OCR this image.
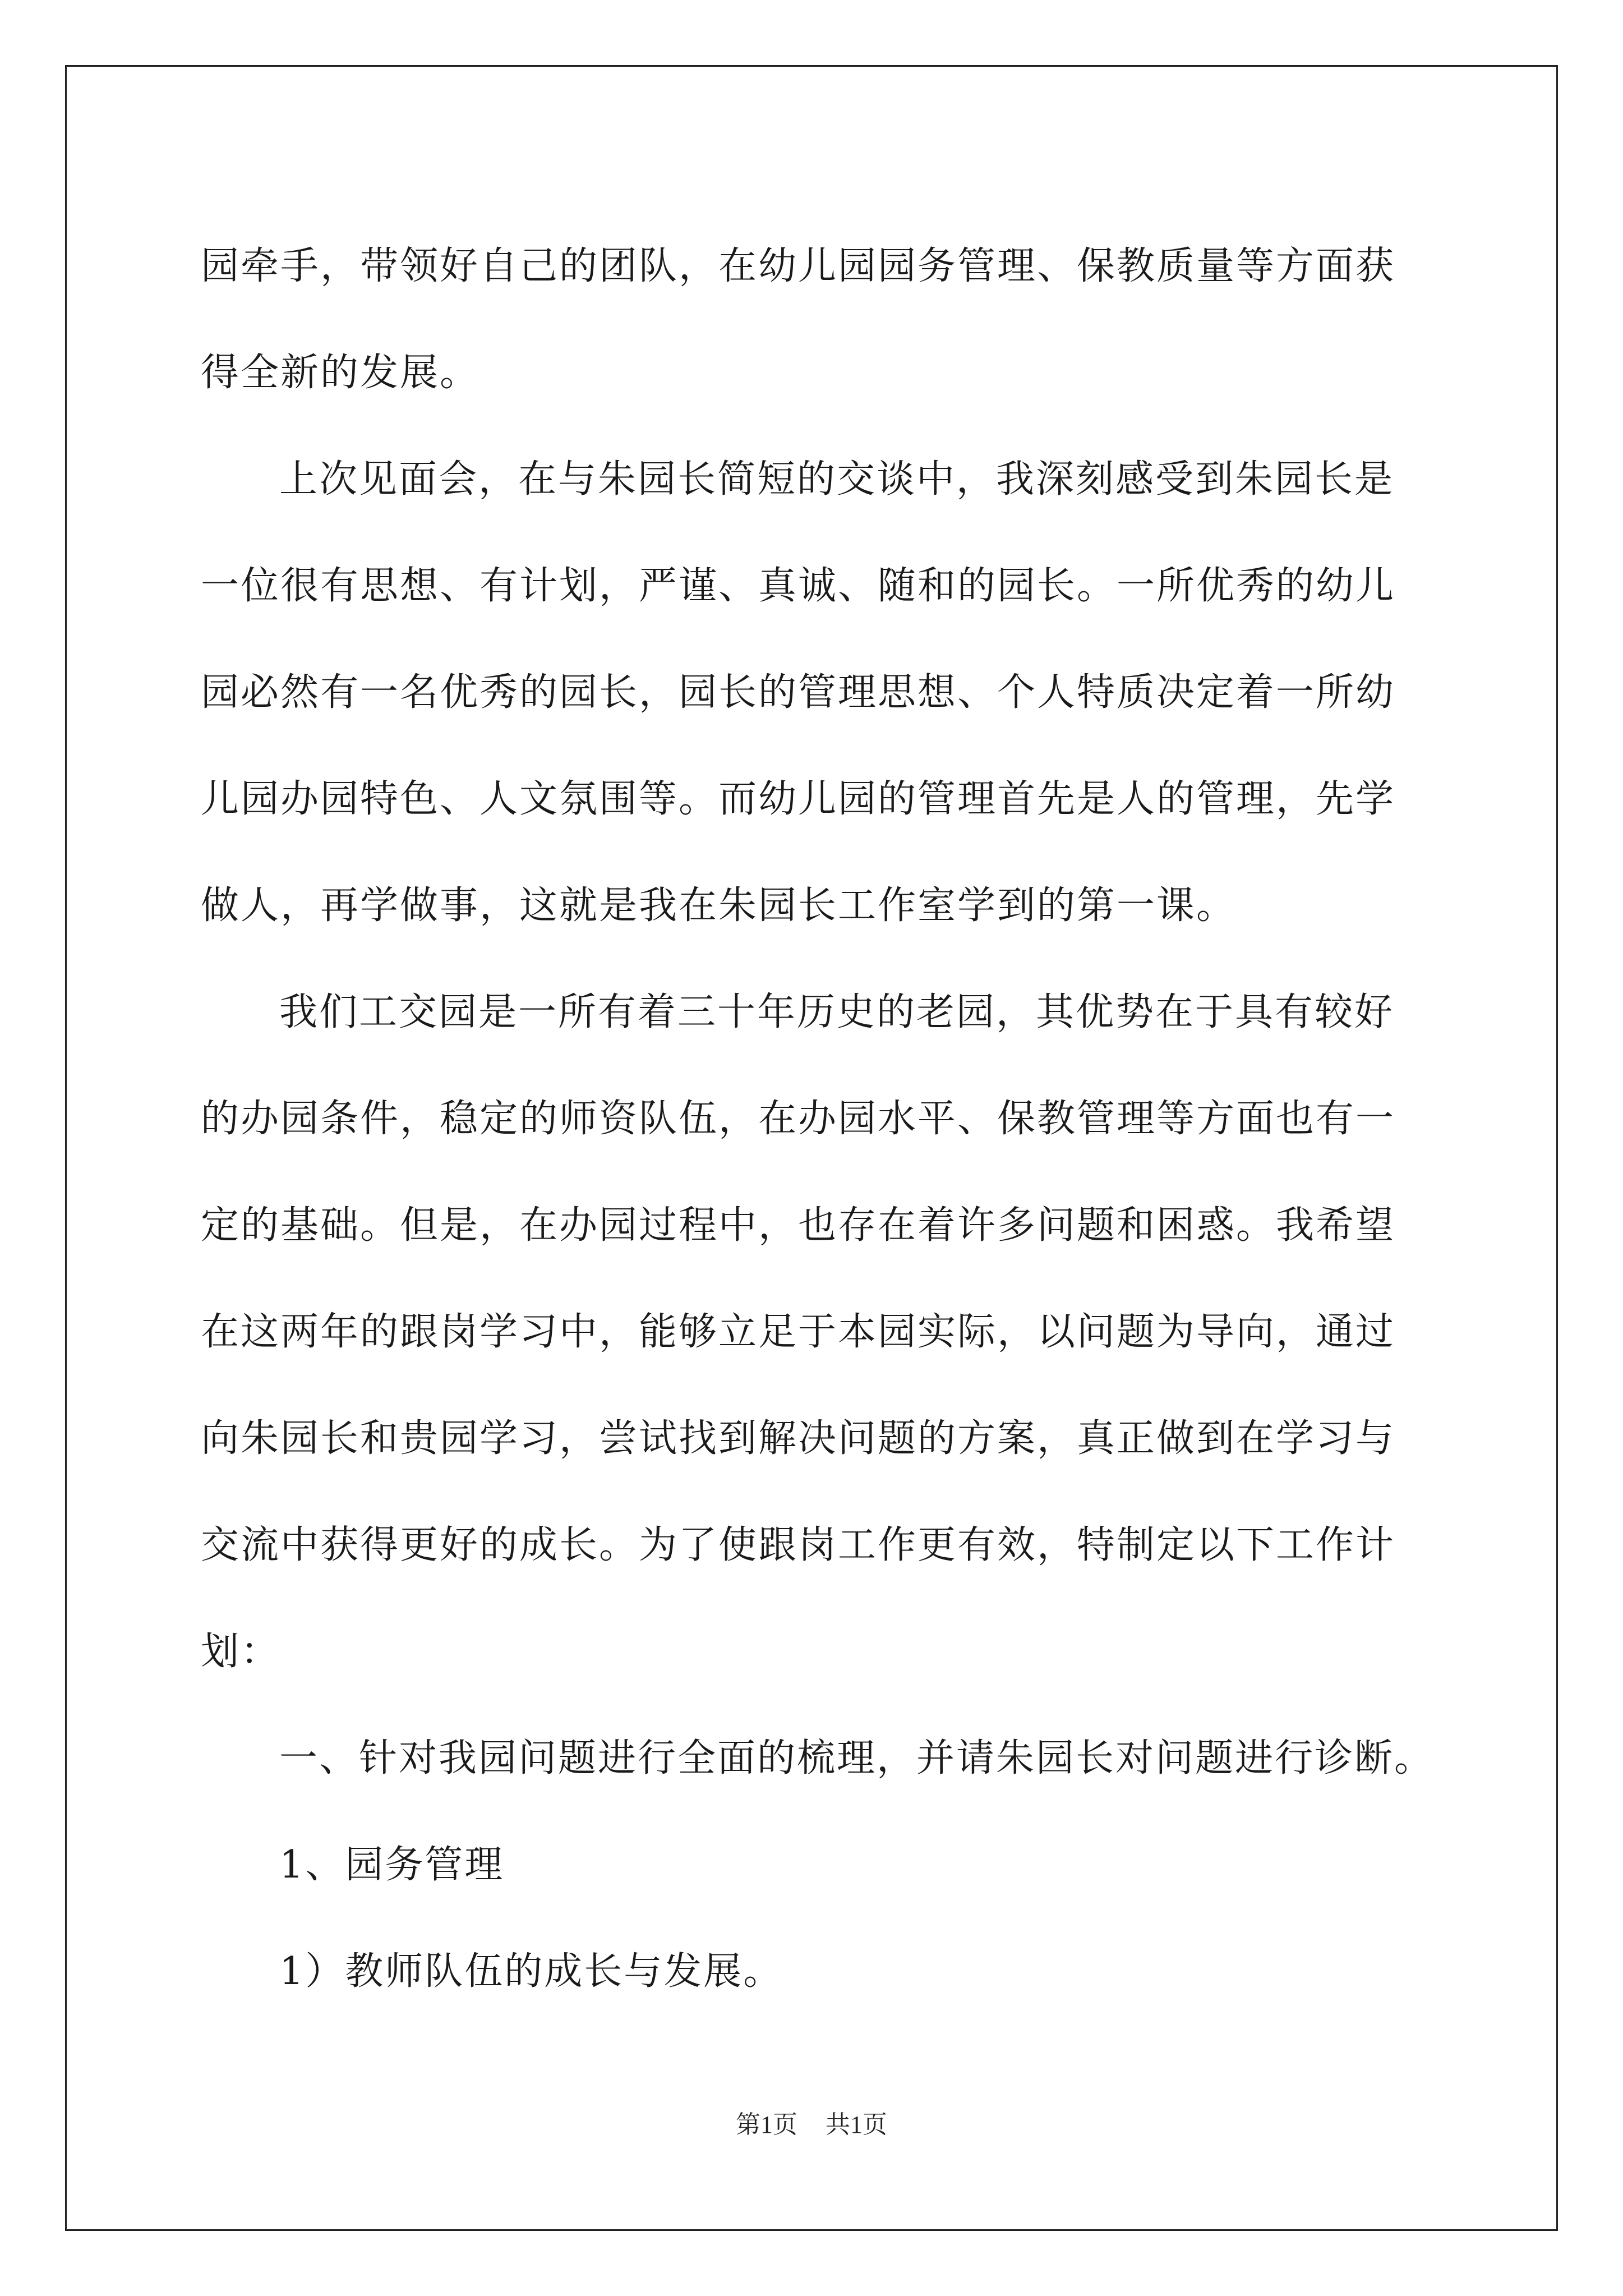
园牵手，带领好自己的团队，在幼儿园园务管理、保教质量等方面获
得全新的发展。
上次见面会，在与朱园长简短的交谈中，我深刻感受到朱园长是
一位很有思想、有计划，严谨、真诚、随和的园长。一所优秀的幼儿
园必然有一名优秀的园长，园长的管理思想、个人特质决定着一所幼
儿园办园特色、人文氛围等。而幼儿园的管理首先是人的管理，先学
做人，再学做事，这就是我在朱园长工作室学到的第一课。
我们工交园是一所有着三十年历史的老园，其优势在于具有较好
的办园条件，稳定的师资队伍，在办园水平、保教管理等方面也有一
定的基础。但是，在办园过程中，也存在着许多问题和困惑。我希望
在这两年的跟岗学习中，能够立足于本园实际，以问题为导向，通过
向朱园长和贵园学习，尝试找到解决问题的方案，真正做到在学习与
交流中获得更好的成长。为了使跟岗工作更有效，特制定以下工作计
划：
一、针对我园问题进行全面的梳理，并请朱园长对问题进行诊断。
1、园务管理
1）教师队伍的成长与发展。
第1页 共1页
